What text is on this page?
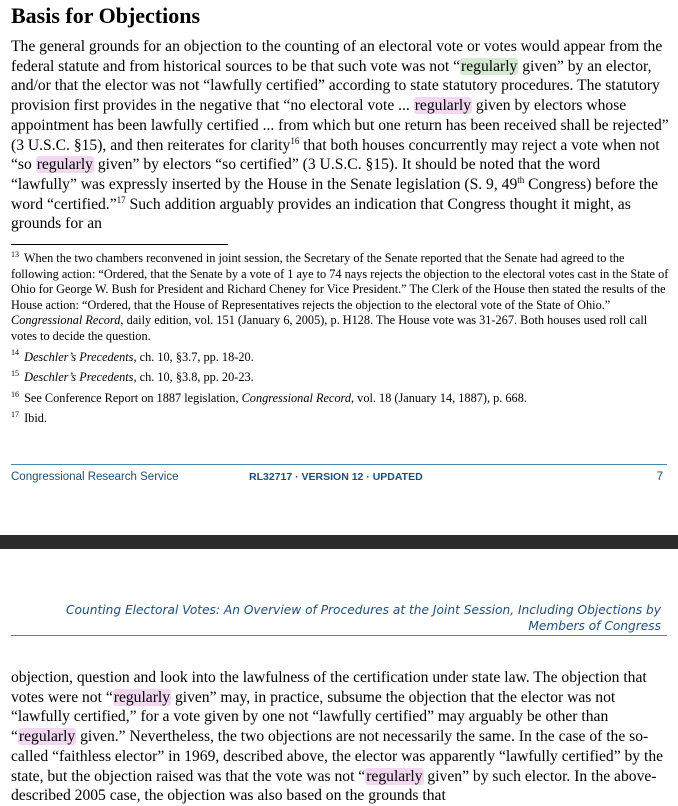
Basis for Objections

The general grounds for an objection to the counting of an electoral vote or votes would appear from the federal statute and from historical sources to be that such vote was not “regularly given” by an elector, and/or that the elector was not “lawfully certified” according to state statutory procedures. The statutory provision first provides in the negative that “no electoral vote ... regularly given by electors whose appointment has been lawfully certified ... from which but one return has been received shall be rejected” (3 U.S.C. §15), and then reiterates for clarity$^{16}$ that both houses concurrently may reject a vote when not “so regularly given” by electors “so certified” (3 U.S.C. §15). It should be noted that the word “lawfully” was expressly inserted by the House in the Senate legislation (S. 9, 49th Congress) before the word “certified.”$^{17}$ Such addition arguably provides an indication that Congress thought it might, as grounds for an

$^{13}$ When the two chambers reconvened in joint session, the Secretary of the Senate reported that the Senate had agreed to the following action: “Ordered, that the Senate by a vote of 1 aye to 74 nays rejects the objection to the electoral votes cast in the State of Ohio for George W. Bush for President and Richard Cheney for Vice President.” The Clerk of the House then stated the results of the House action: “Ordered, that the House of Representatives rejects the objection to the electoral vote of the State of Ohio.” Congressional Record, daily edition, vol. 151 (January 6, 2005), p. H128. The House vote was 31-267. Both houses used roll call votes to decide the question.

$^{14}$ Deschler’s Precedents, ch. 10, §3.7, pp. 18-20.

$^{15}$ Deschler’s Precedents, ch. 10, §3.8, pp. 20-23.

$^{16}$ See Conference Report on 1887 legislation, Congressional Record, vol. 18 (January 14, 1887), p. 668.

$^{17}$ Ibid.

Congressional Research Service	RL32717 · VERSION 12 · UPDATED	7
Counting Electoral Votes: An Overview of Procedures at the Joint Session, Including Objections by Members of Congress

objection, question and look into the lawfulness of the certification under state law. The objection that votes were not “regularly given” may, in practice, subsume the objection that the elector was not “lawfully certified,” for a vote given by one not “lawfully certified” may arguably be other than “regularly given.” Nevertheless, the two objections are not necessarily the same. In the case of the so-called “faithless elector” in 1969, described above, the elector was apparently “lawfully certified” by the state, but the objection raised was that the vote was not “regularly given” by such elector. In the above-described 2005 case, the objection was also based on the grounds that
